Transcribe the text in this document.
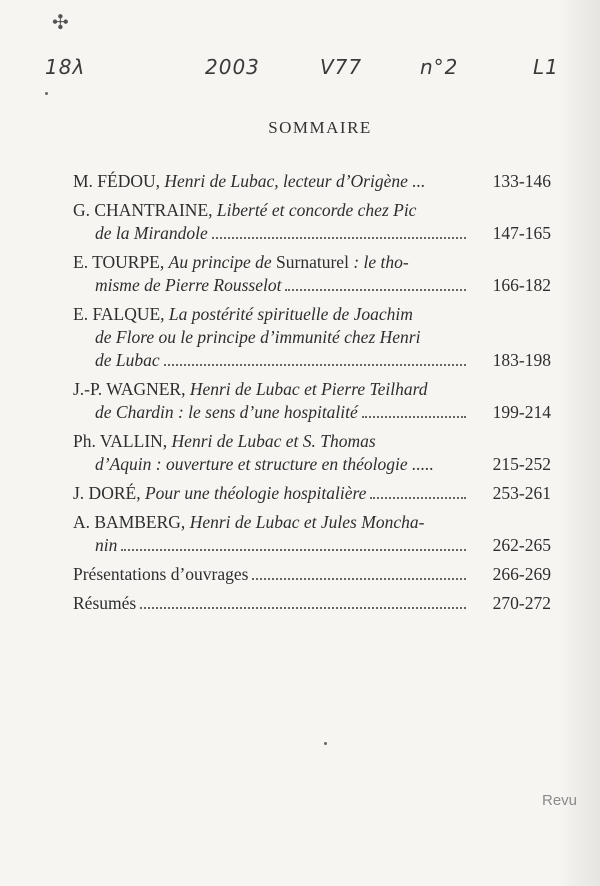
✣
18λ	2003	V77	n°2	L1
SOMMAIRE
M. FÉDOU, Henri de Lubac, lecteur d’Origène ...	133-146
G. CHANTRAINE, Liberté et concorde chez Pic
de la Mirandole	147-165
E. TOURPE, Au principe de Surnaturel : le tho-
misme de Pierre Rousselot	166-182
E. FALQUE, La postérité spirituelle de Joachim
de Flore ou le principe d’immunité chez Henri
de Lubac	183-198
J.-P. WAGNER, Henri de Lubac et Pierre Teilhard
de Chardin : le sens d’une hospitalité	199-214
Ph. VALLIN, Henri de Lubac et S. Thomas
d’Aquin : ouverture et structure en théologie .....	215-252
J. DORÉ, Pour une théologie hospitalière	253-261
A. BAMBERG, Henri de Lubac et Jules Moncha-
nin	262-265
Présentations d’ouvrages	266-269
Résumés	270-272
Revu
